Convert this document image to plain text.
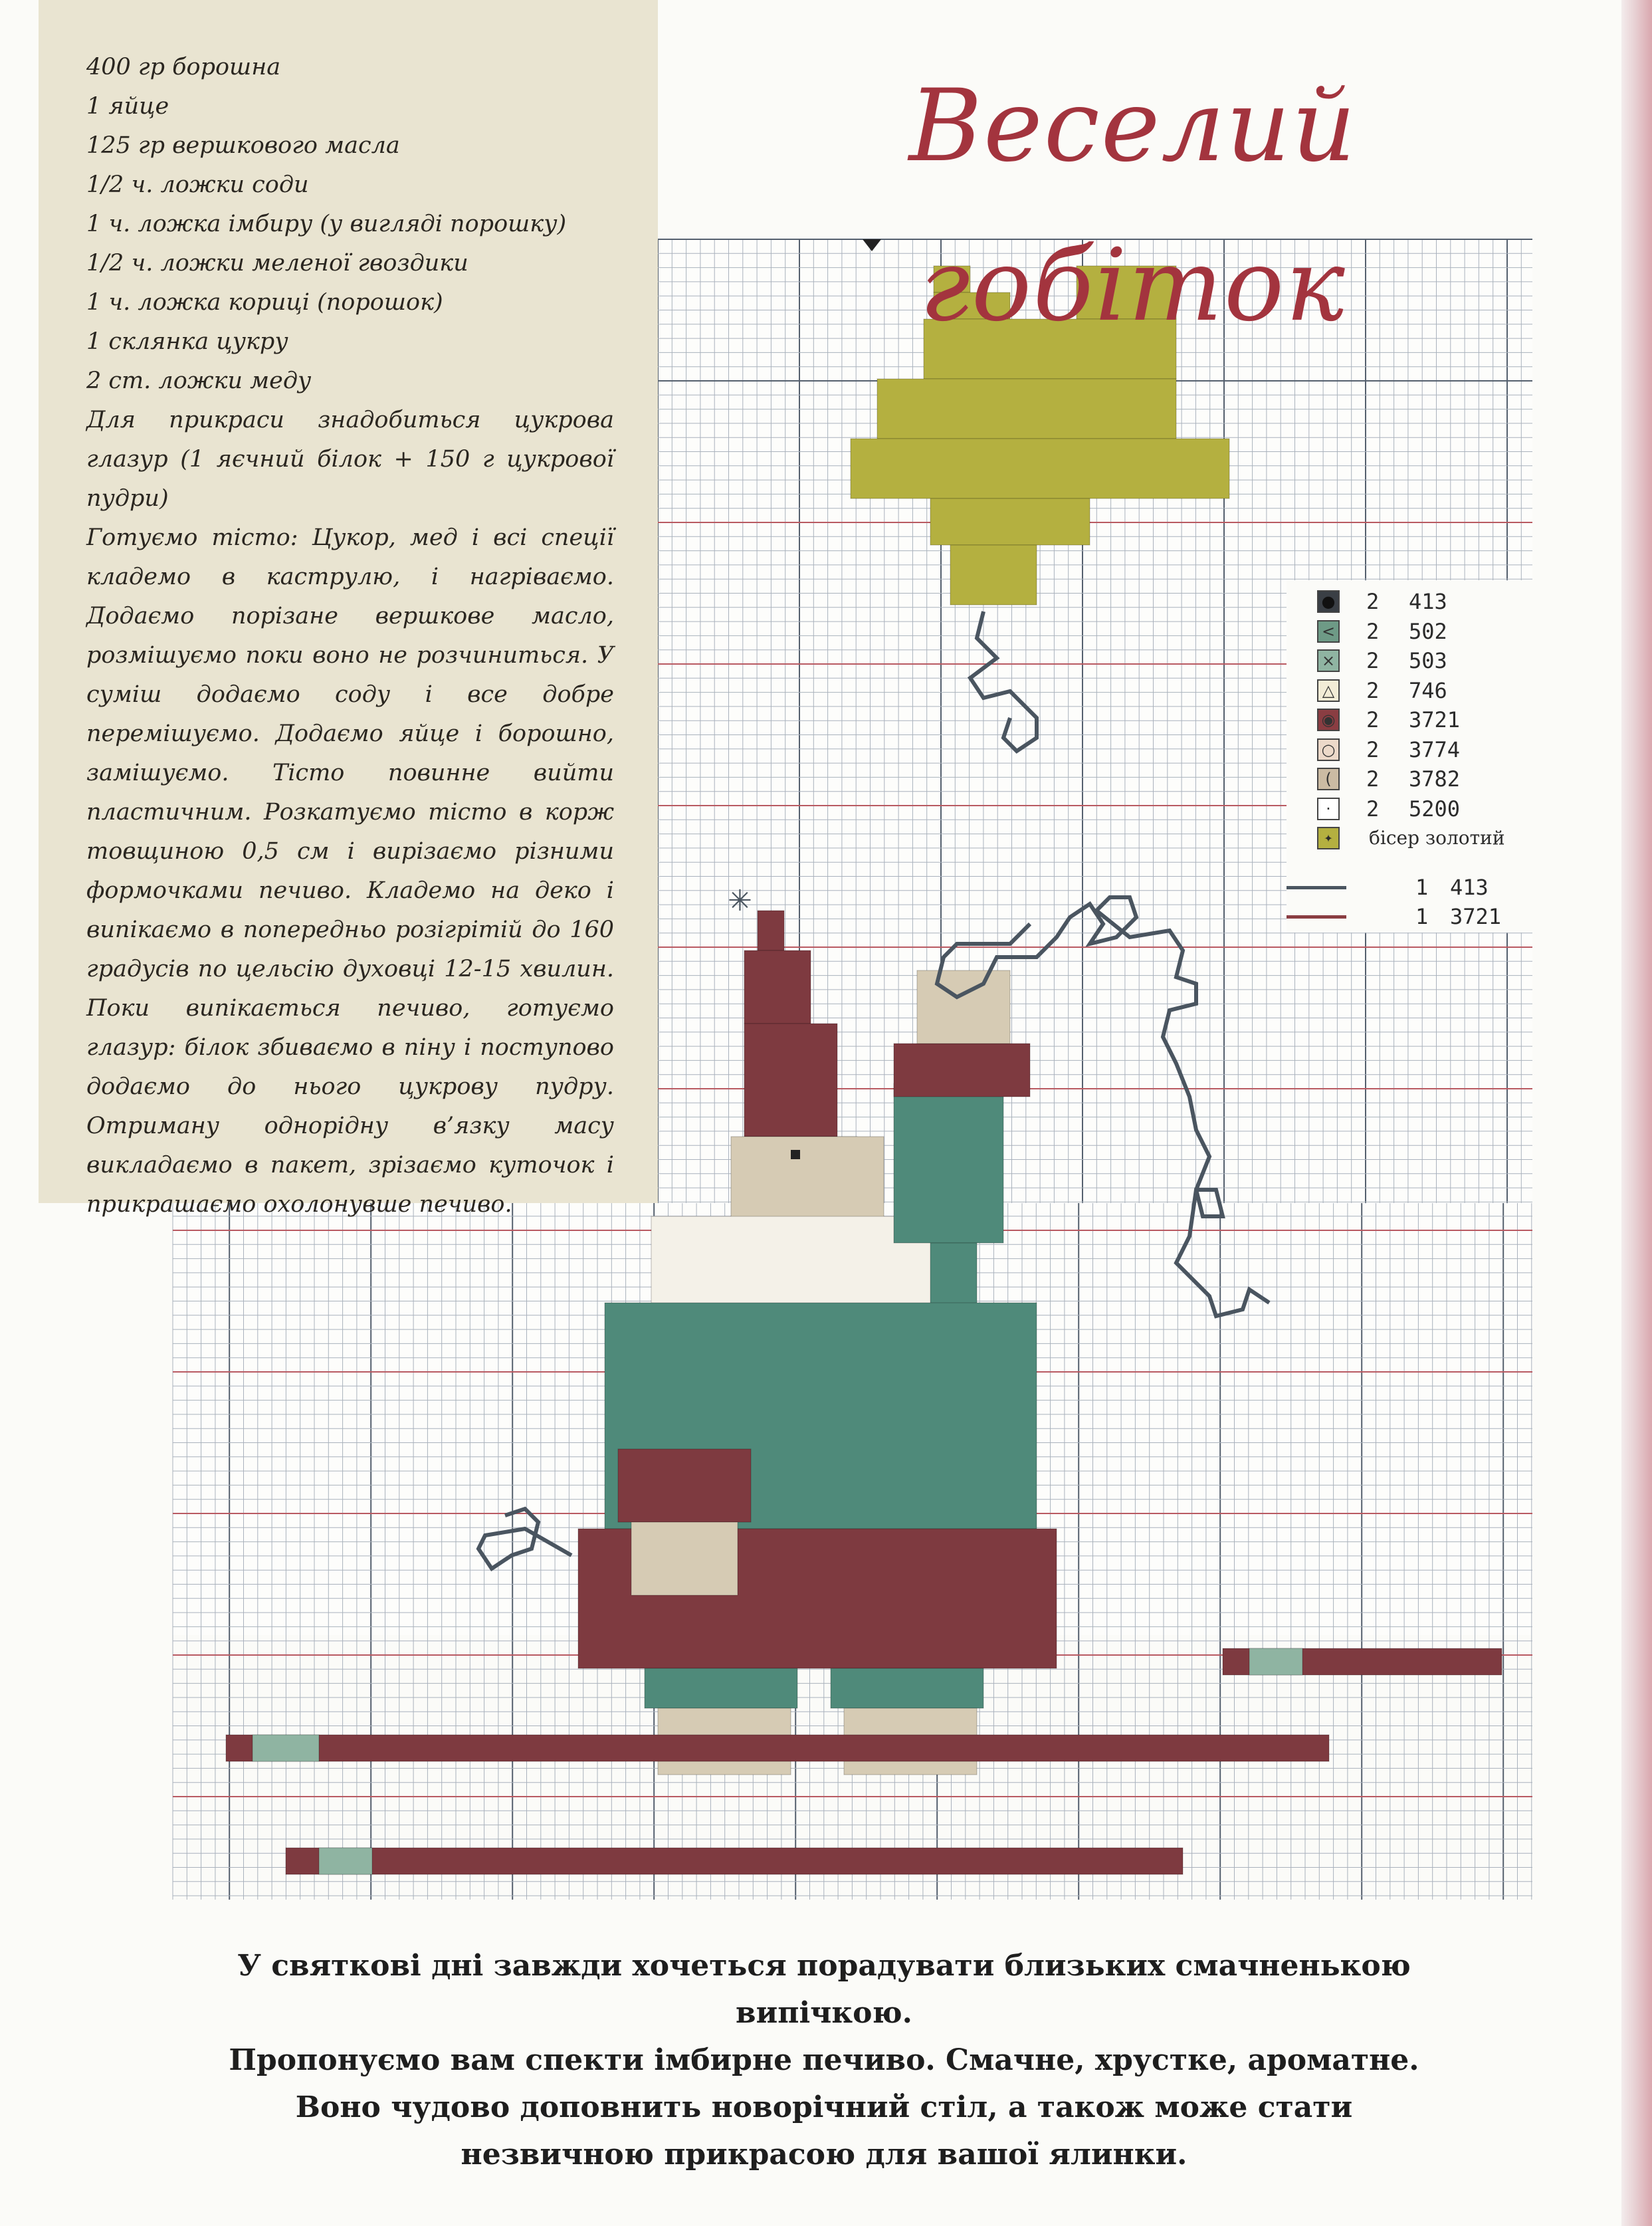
✳
400 гр борошна
1 яйце
125 гр вершкового масла
1/2 ч. ложки соди
1 ч. ложка імбиру (у вигляді порошку)
1/2 ч. ложки меленої гвоздики
1 ч. ложка кориці (порошок)
1 склянка цукру
2 ст. ложки меду

Для прикраси знадобиться цукрова глазур (1 яєчний білок + 150 г цукрової пудри)

Готуємо тісто: Цукор, мед і всі спеції кладемо в каструлю, і нагріваємо. Додаємо порізане вершкове масло, розмішуємо поки воно не розчиниться. У суміш додаємо соду і все добре перемішуємо. Додаємо яйце і борошно, замішуємо. Тісто повинне вийти пластичним. Розкатуємо тісто в корж товщиною 0,5 см і вирізаємо різними формочками печиво. Кладемо на деко і випікаємо в попередньо розігрітій до 160 градусів по цельсію духовці 12-15 хвилин. Поки випікається печиво, готуємо глазур: білок збиваємо в піну і поступово додаємо до нього цукрову пудру. Отриману однорідну в’язку масу викладаємо в пакет, зрізаємо куточок і прикрашаємо охолонувше печиво.

Веселий гобіток
● 2 413
< 2 502
× 2 503
△ 2 746
◉ 2 3721
○ 2 3774
(	2 3782
·	2 5200
✦	бісер золотий
1 413
1 3721
У святкові дні завжди хочеться порадувати близьких смачненькою випічкою.
Пропонуємо вам спекти імбирне печиво. Смачне, хрустке, ароматне.
Воно чудово доповнить новорічний стіл, а також може стати
незвичною прикрасою для вашої ялинки.
